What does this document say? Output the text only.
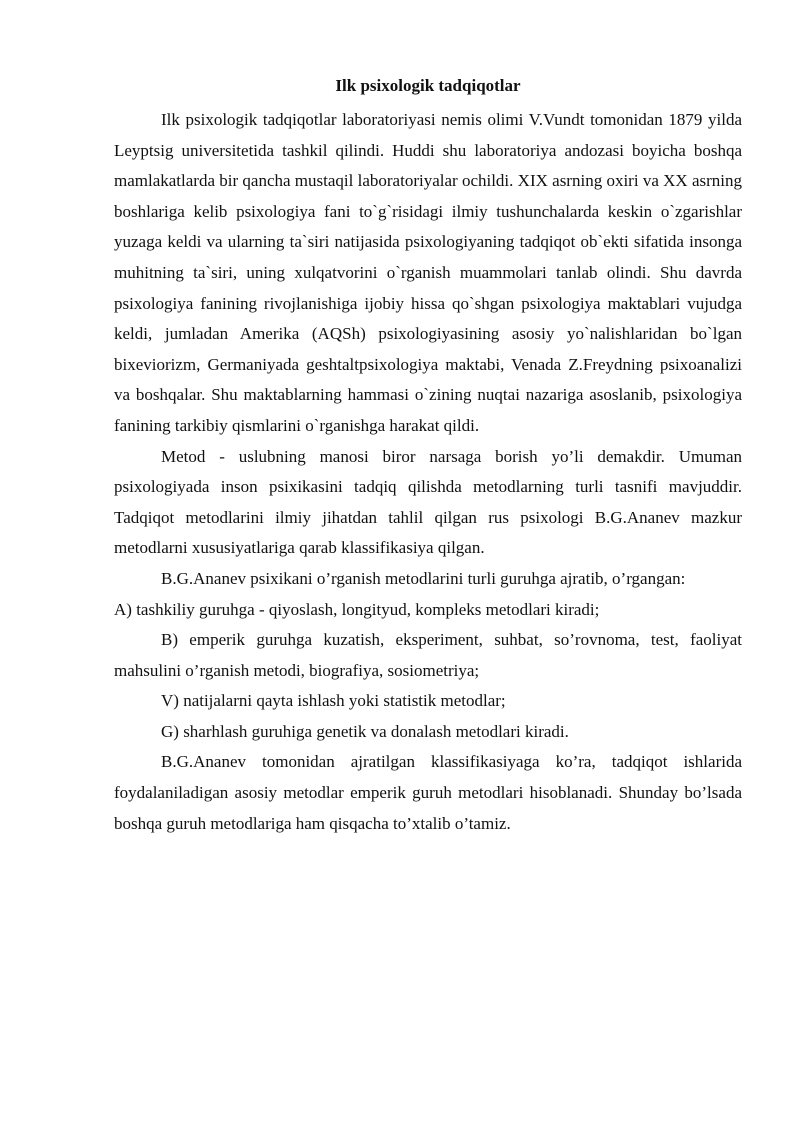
Ilk psixologik tadqiqotlar

Ilk psixologik tadqiqotlar laboratoriyasi nemis olimi V.Vundt tomonidan 1879 yilda Leyptsig universitetida tashkil qilindi. Huddi shu laboratoriya andozasi boyicha boshqa mamlakatlarda bir qancha mustaqil laboratoriyalar ochildi. XIX asrning oxiri va XX asrning boshlariga kelib psixologiya fani to`g`risidagi ilmiy tushunchalarda keskin o`zgarishlar yuzaga keldi va ularning ta`siri natijasida psixologiyaning tadqiqot ob`ekti sifatida insonga muhitning ta`siri, uning xulqatvorini o`rganish muammolari tanlab olindi. Shu davrda psixologiya fanining rivojlanishiga ijobiy hissa qo`shgan psixologiya maktablari vujudga keldi, jumladan Amerika (AQSh) psixologiyasining asosiy yo`nalishlaridan bo`lgan bixeviorizm, Germaniyada geshtaltpsixologiya maktabi, Venada Z.Freydning psixoanalizi va boshqalar. Shu maktablarning hammasi o`zining nuqtai nazariga asoslanib, psixologiya fanining tarkibiy qismlarini o`rganishga harakat qildi.

Metod - uslubning manosi biror narsaga borish yo’li demakdir. Umuman psixologiyada inson psixikasini tadqiq qilishda metodlarning turli tasnifi mavjuddir. Tadqiqot metodlarini ilmiy jihatdan tahlil qilgan rus psixologi B.G.Ananev mazkur metodlarni xususiyatlariga qarab klassifikasiya qilgan.

B.G.Ananev psixikani o’rganish metodlarini turli guruhga ajratib, o’rgangan:

A) tashkiliy guruhga - qiyoslash, longityud, kompleks metodlari kiradi;

B) emperik guruhga kuzatish, eksperiment, suhbat, so’rovnoma, test, faoliyat mahsulini o’rganish metodi, biografiya, sosiometriya;

V) natijalarni qayta ishlash yoki statistik metodlar;

G) sharhlash guruhiga genetik va donalash metodlari kiradi.

B.G.Ananev tomonidan ajratilgan klassifikasiyaga ko’ra, tadqiqot ishlarida foydalaniladigan asosiy metodlar emperik guruh metodlari hisoblanadi. Shunday bo’lsada boshqa guruh metodlariga ham qisqacha to’xtalib o’tamiz.
